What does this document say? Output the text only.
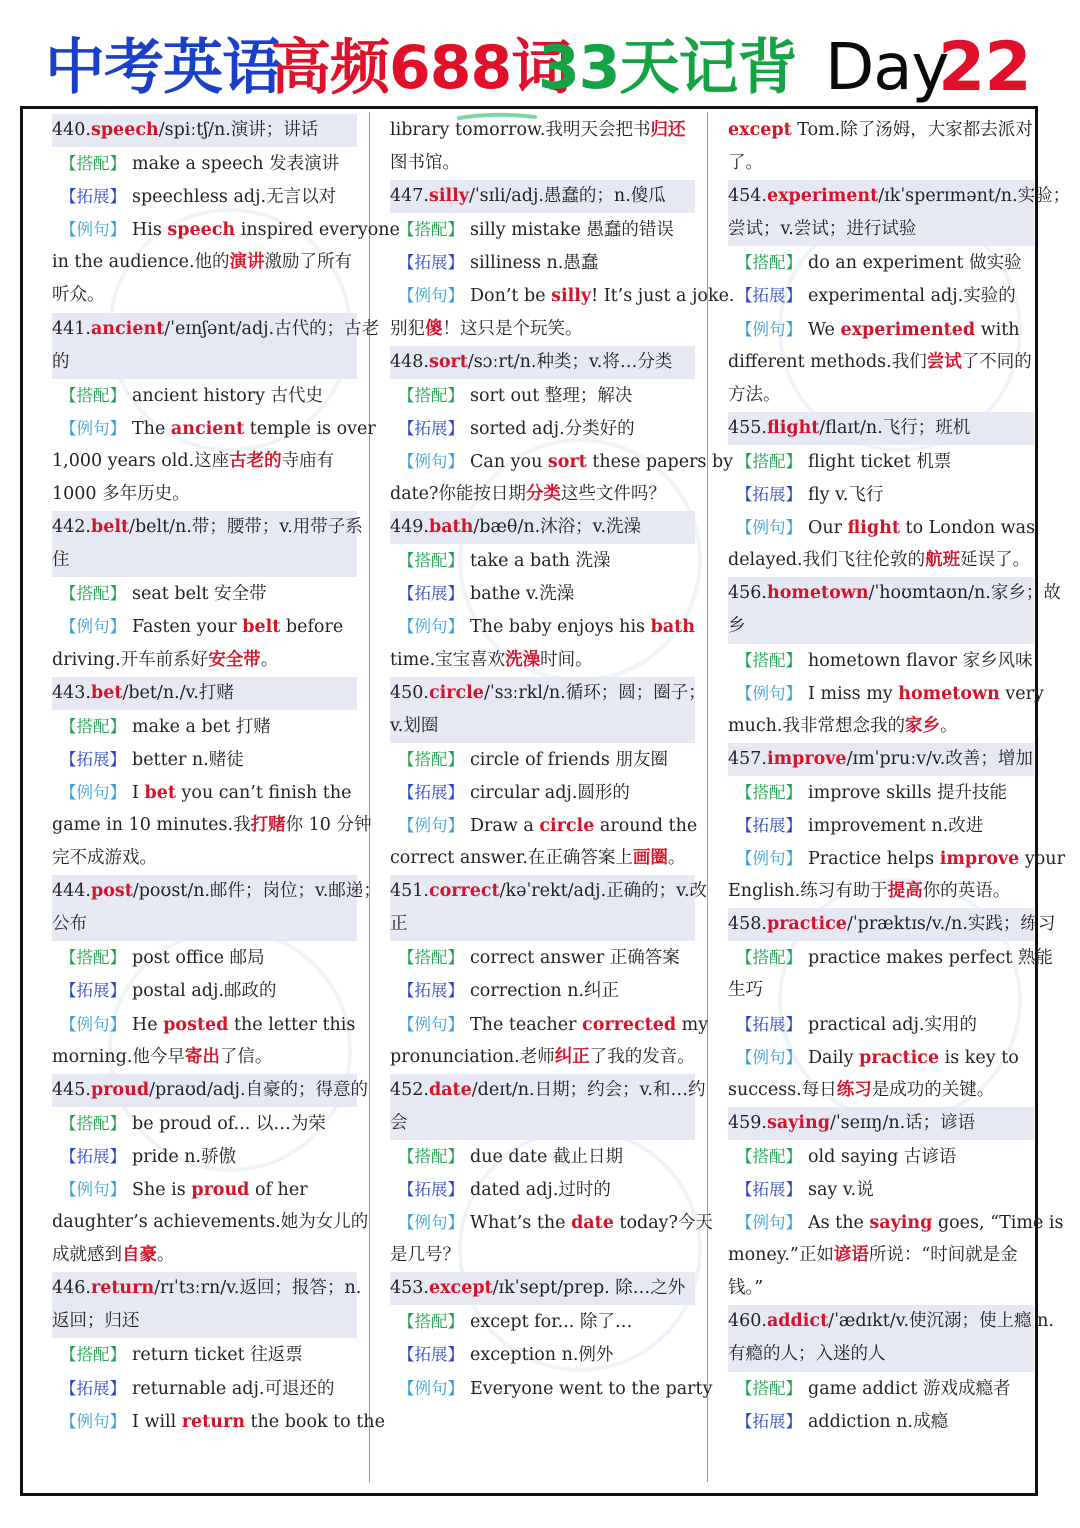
中考英语
高频688词
33天记背 Day
22
440.speech/spiːtʃ/n.演讲；讲话
【搭配】 make a speech 发表演讲
【拓展】 speechless adj.无言以对
【例句】 His speech inspired everyone
in the audience.他的演讲激励了所有
听众。
441.ancient/ˈeɪnʃənt/adj.古代的；古老
的
【搭配】 ancient history 古代史
【例句】 The ancient temple is over
1,000 years old.这座古老的寺庙有
1000 多年历史。
442.belt/belt/n.带；腰带；v.用带子系
住
【搭配】 seat belt 安全带
【例句】 Fasten your belt before
driving.开车前系好安全带。
443.bet/bet/n./v.打赌
【搭配】 make a bet 打赌
【拓展】 better n.赌徒
【例句】 I bet you can’t finish the
game in 10 minutes.我打赌你 10 分钟
完不成游戏。
444.post/poʊst/n.邮件；岗位；v.邮递；
公布
【搭配】 post office 邮局
【拓展】 postal adj.邮政的
【例句】 He posted the letter this
morning.他今早寄出了信。
445.proud/praʊd/adj.自豪的；得意的
【搭配】 be proud of... 以…为荣
【拓展】 pride n.骄傲
【例句】 She is proud of her
daughter’s achievements.她为女儿的
成就感到自豪。
446.return/rɪˈtɜːrn/v.返回；报答；n.
返回；归还
【搭配】 return ticket 往返票
【拓展】 returnable adj.可退还的
【例句】 I will return the book to the
library tomorrow.我明天会把书归还
图书馆。
447.silly/ˈsɪli/adj.愚蠢的；n.傻瓜
【搭配】 silly mistake 愚蠢的错误
【拓展】 silliness n.愚蠢
【例句】 Don’t be silly! It’s just a joke.
别犯傻！这只是个玩笑。
448.sort/sɔːrt/n.种类；v.将…分类
【搭配】 sort out 整理；解决
【拓展】 sorted adj.分类好的
【例句】 Can you sort these papers by
date?你能按日期分类这些文件吗？
449.bath/bæθ/n.沐浴；v.洗澡
【搭配】 take a bath 洗澡
【拓展】 bathe v.洗澡
【例句】 The baby enjoys his bath
time.宝宝喜欢洗澡时间。
450.circle/ˈsɜːrkl/n.循环；圆；圈子；
v.划圈
【搭配】 circle of friends 朋友圈
【拓展】 circular adj.圆形的
【例句】 Draw a circle around the
correct answer.在正确答案上画圈。
451.correct/kəˈrekt/adj.正确的；v.改
正
【搭配】 correct answer 正确答案
【拓展】 correction n.纠正
【例句】 The teacher corrected my
pronunciation.老师纠正了我的发音。
452.date/deɪt/n.日期；约会；v.和…约
会
【搭配】 due date 截止日期
【拓展】 dated adj.过时的
【例句】 What’s the date today?今天
是几号？
453.except/ɪkˈsept/prep. 除…之外
【搭配】 except for... 除了…
【拓展】 exception n.例外
【例句】 Everyone went to the party
except Tom.除了汤姆，大家都去派对
了。
454.experiment/ɪkˈsperɪmənt/n.实验；
尝试；v.尝试；进行试验
【搭配】 do an experiment 做实验
【拓展】 experimental adj.实验的
【例句】 We experimented with
different methods.我们尝试了不同的
方法。
455.flight/flaɪt/n.飞行；班机
【搭配】 flight ticket 机票
【拓展】 fly v.飞行
【例句】 Our flight to London was
delayed.我们飞往伦敦的航班延误了。
456.hometown/ˈhoʊmtaʊn/n.家乡；故
乡
【搭配】 hometown flavor 家乡风味
【例句】 I miss my hometown very
much.我非常想念我的家乡。
457.improve/ɪmˈpruːv/v.改善；增加
【搭配】 improve skills 提升技能
【拓展】 improvement n.改进
【例句】 Practice helps improve your
English.练习有助于提高你的英语。
458.practice/ˈpræktɪs/v./n.实践；练习
【搭配】 practice makes perfect 熟能
生巧
【拓展】 practical adj.实用的
【例句】 Daily practice is key to
success.每日练习是成功的关键。
459.saying/ˈseɪɪŋ/n.话；谚语
【搭配】 old saying 古谚语
【拓展】 say v.说
【例句】 As the saying goes, “Time is
money.”正如谚语所说：“时间就是金
钱。”
460.addict/ˈædɪkt/v.使沉溺；使上瘾 n.
有瘾的人；入迷的人
【搭配】 game addict 游戏成瘾者
【拓展】 addiction n.成瘾
